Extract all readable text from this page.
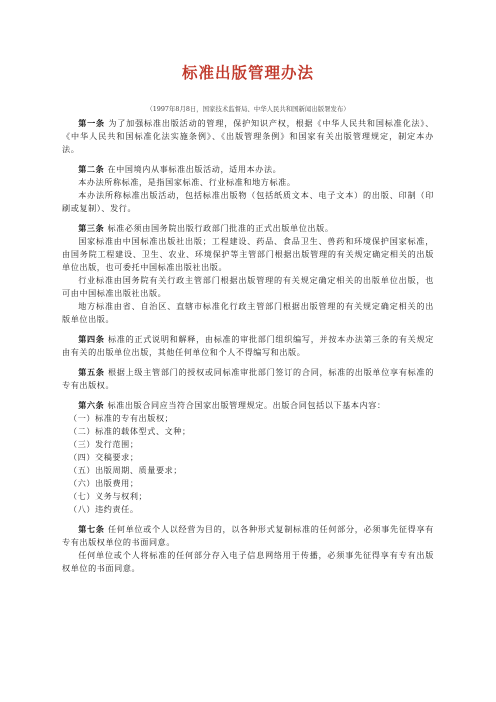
标准出版管理办法

（1997年8月8日，国家技术监督局、中华人民共和国新闻出版署发布）

第一条 为了加强标准出版活动的管理，保护知识产权，根据《中华人民共和国标准化法》、《中华人民共和国标准化法实施条例》、《出版管理条例》和国家有关出版管理规定，制定本办法。

第二条 在中国境内从事标准出版活动，适用本办法。

本办法所称标准，是指国家标准、行业标准和地方标准。

本办法所称标准出版活动，包括标准出版物（包括纸质文本、电子文本）的出版、印制（印刷或复制）、发行。

第三条 标准必须由国务院出版行政部门批准的正式出版单位出版。

国家标准由中国标准出版社出版；工程建设、药品、食品卫生、兽药和环境保护国家标准，由国务院工程建设、卫生、农业、环境保护等主管部门根据出版管理的有关规定确定相关的出版单位出版，也可委托中国标准出版社出版。

行业标准由国务院有关行政主管部门根据出版管理的有关规定确定相关的出版单位出版，也可由中国标准出版社出版。

地方标准由省、自治区、直辖市标准化行政主管部门根据出版管理的有关规定确定相关的出版单位出版。

第四条 标准的正式说明和解释，由标准的审批部门组织编写，并按本办法第三条的有关规定由有关的出版单位出版，其他任何单位和个人不得编写和出版。

第五条 根据上级主管部门的授权或同标准审批部门签订的合同，标准的出版单位享有标准的专有出版权。

第六条 标准出版合同应当符合国家出版管理规定。出版合同包括以下基本内容：

（一）标准的专有出版权；

（二）标准的载体型式、文种；

（三）发行范围；

（四）交稿要求；

（五）出版周期、质量要求；

（六）出版费用；

（七）义务与权利；

（八）违约责任。

第七条 任何单位或个人以经营为目的，以各种形式复制标准的任何部分，必须事先征得享有专有出版权单位的书面同意。

任何单位或个人将标准的任何部分存入电子信息网络用于传播，必须事先征得享有专有出版权单位的书面同意。
